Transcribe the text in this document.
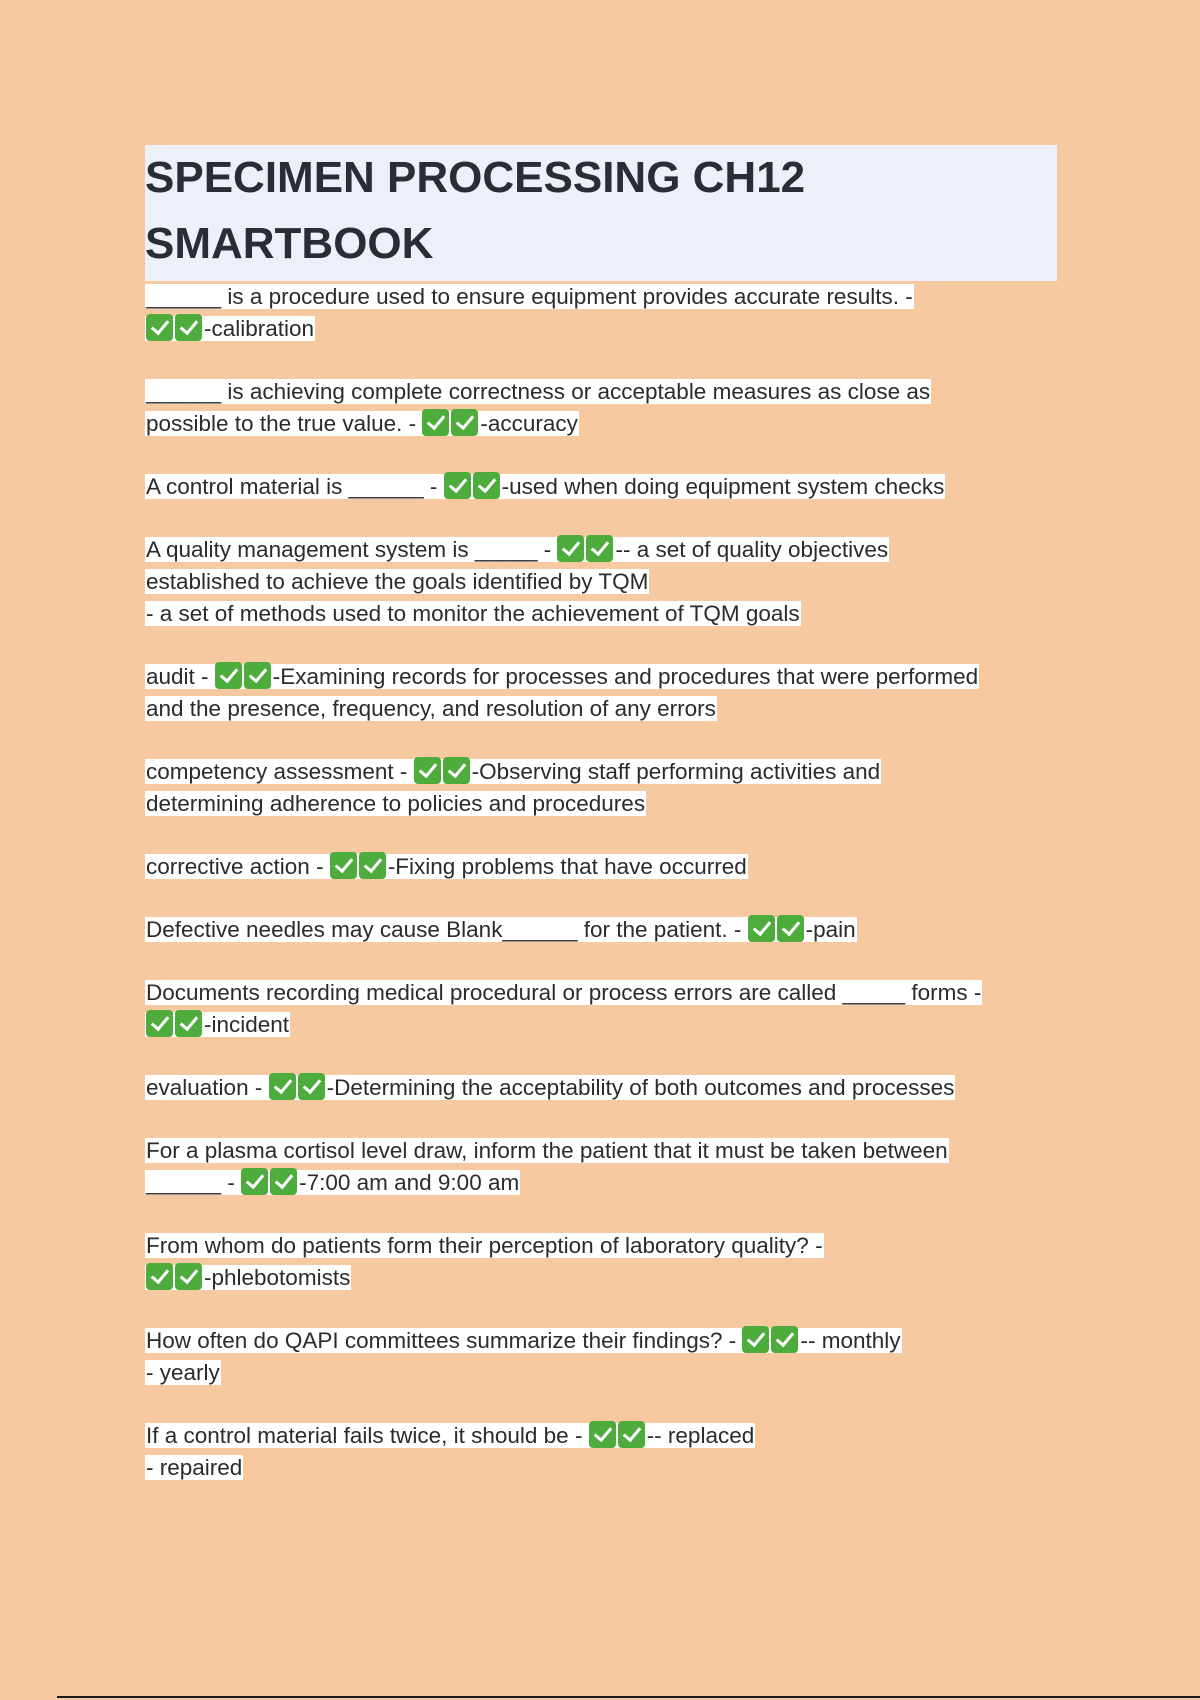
SPECIMEN PROCESSING CH12 SMARTBOOK
______ is a procedure used to ensure equipment provides accurate results. -
-calibration
______ is achieving complete correctness or acceptable measures as close as
possible to the true value. -	-accuracy
A control material is ______ -	-used when doing equipment system checks
A quality management system is _____ -	-- a set of quality objectives
established to achieve the goals identified by TQM
- a set of methods used to monitor the achievement of TQM goals
audit -	-Examining records for processes and procedures that were performed
and the presence, frequency, and resolution of any errors
competency assessment -	-Observing staff performing activities and
determining adherence to policies and procedures
corrective action -	-Fixing problems that have occurred
Defective needles may cause Blank______ for the patient. -	-pain
Documents recording medical procedural or process errors are called _____ forms -
-incident
evaluation -	-Determining the acceptability of both outcomes and processes
For a plasma cortisol level draw, inform the patient that it must be taken between
______ -	-7:00 am and 9:00 am
From whom do patients form their perception of laboratory quality? -
-phlebotomists
How often do QAPI committees summarize their findings? -	-- monthly
- yearly
If a control material fails twice, it should be -	-- replaced
- repaired
